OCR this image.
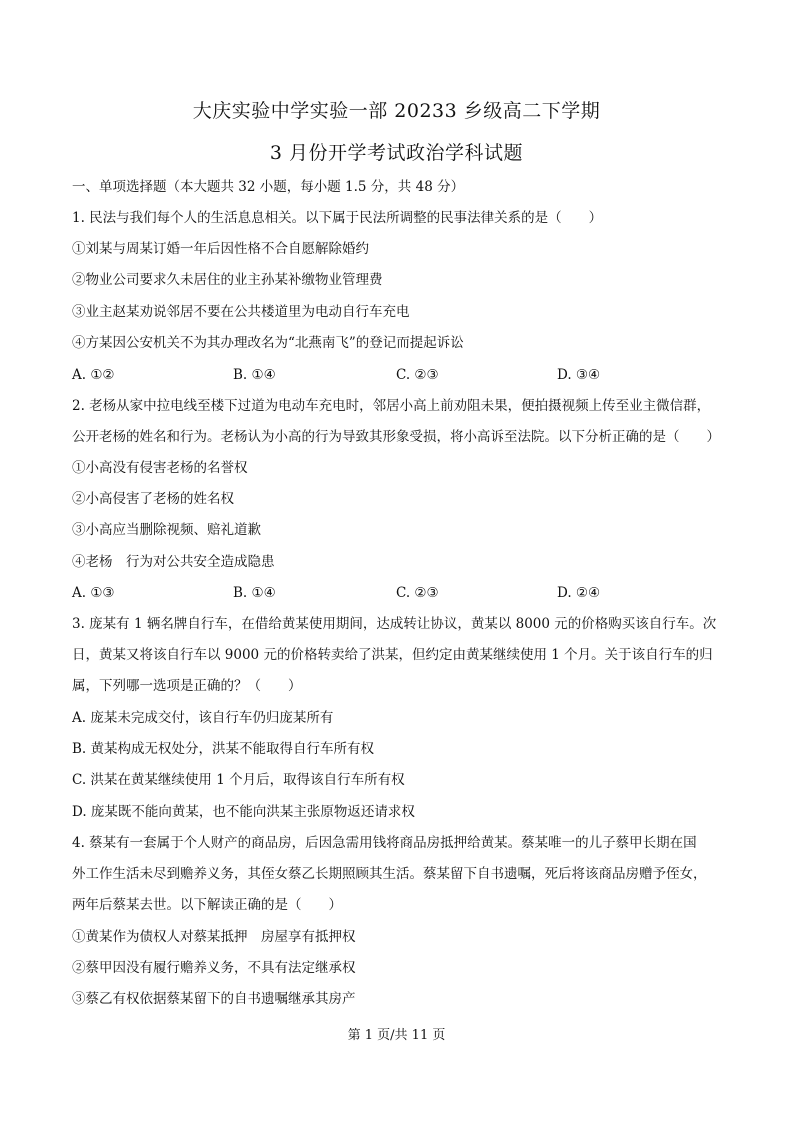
大庆实验中学实验一部 20233 乡级高二下学期
3 月份开学考试政治学科试题
一、单项选择题（本大题共 32 小题，每小题 1.5 分，共 48 分）
1. 民法与我们每个人的生活息息相关。以下属于民法所调整的民事法律关系的是（　　）
①刘某与周某订婚一年后因性格不合自愿解除婚约
②物业公司要求久未居住的业主孙某补缴物业管理费
③业主赵某劝说邻居不要在公共楼道里为电动自行车充电
④方某因公安机关不为其办理改名为“北燕南飞”的登记而提起诉讼
A. ①②	B. ①④	C. ②③	D. ③④
2. 老杨从家中拉电线至楼下过道为电动车充电时，邻居小高上前劝阻未果，便拍摄视频上传至业主微信群，
公开老杨的姓名和行为。老杨认为小高的行为导致其形象受损，将小高诉至法院。以下分析正确的是（　　）
①小高没有侵害老杨的名誉权
②小高侵害了老杨的姓名权
③小高应当删除视频、赔礼道歉
④老杨　行为对公共安全造成隐患
A. ①③	B. ①④	C. ②③	D. ②④
3. 庞某有 1 辆名牌自行车，在借给黄某使用期间，达成转让协议，黄某以 8000 元的价格购买该自行车。次
日，黄某又将该自行车以 9000 元的价格转卖给了洪某，但约定由黄某继续使用 1 个月。关于该自行车的归
属，下列哪一选项是正确的？（　　）
A. 庞某未完成交付，该自行车仍归庞某所有
B. 黄某构成无权处分，洪某不能取得自行车所有权
C. 洪某在黄某继续使用 1 个月后，取得该自行车所有权
D. 庞某既不能向黄某，也不能向洪某主张原物返还请求权
4. 蔡某有一套属于个人财产的商品房，后因急需用钱将商品房抵押给黄某。蔡某唯一的儿子蔡甲长期在国
外工作生活未尽到赡养义务，其侄女蔡乙长期照顾其生活。蔡某留下自书遗嘱，死后将该商品房赠予侄女，
两年后蔡某去世。以下解读正确的是（　　）
①黄某作为债权人对蔡某抵押　房屋享有抵押权
②蔡甲因没有履行赡养义务，不具有法定继承权
③蔡乙有权依据蔡某留下的自书遗嘱继承其房产
第 1 页/共 11 页
